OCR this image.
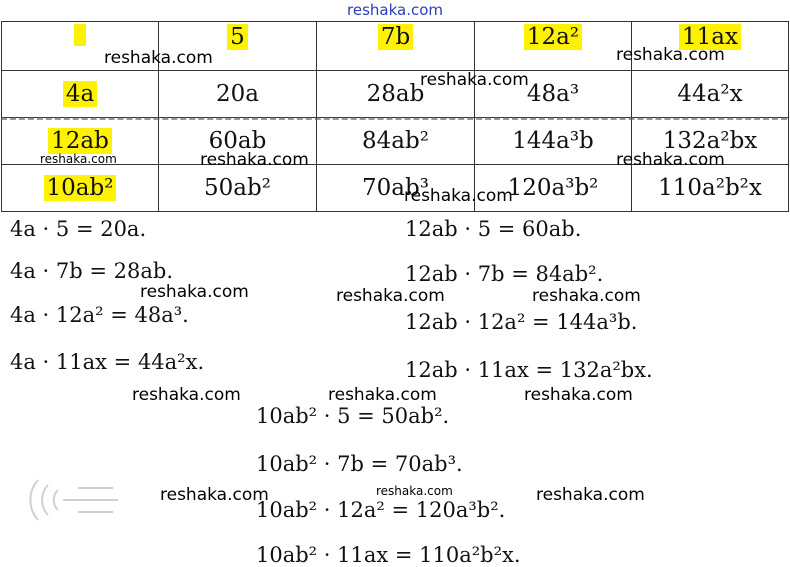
reshaka.com
	5	7b	12a²	11ax
4a	20a	28ab	48a³	44a²x
12ab	60ab	84ab²	144a³b	132a²bx
10ab²	50ab²	70ab³	120a³b²	110a²b²x
4a · 5 = 20a.
4a · 7b = 28ab.
4a · 12a² = 48a³.
4a · 11ax = 44a²x.
12ab · 5 = 60ab.
12ab · 7b = 84ab².
12ab · 12a² = 144a³b.
12ab · 11ax = 132a²bx.
10ab² · 5 = 50ab².
10ab² · 7b = 70ab³.
10ab² · 12a² = 120a³b².
10ab² · 11ax = 110a²b²x.
reshaka.com	reshaka.com
reshaka.com
reshaka.com	reshaka.com	reshaka.com
reshaka.com
reshaka.com	reshaka.com	reshaka.com
reshaka.com	reshaka.com	reshaka.com
reshaka.com	reshaka.com	reshaka.com
